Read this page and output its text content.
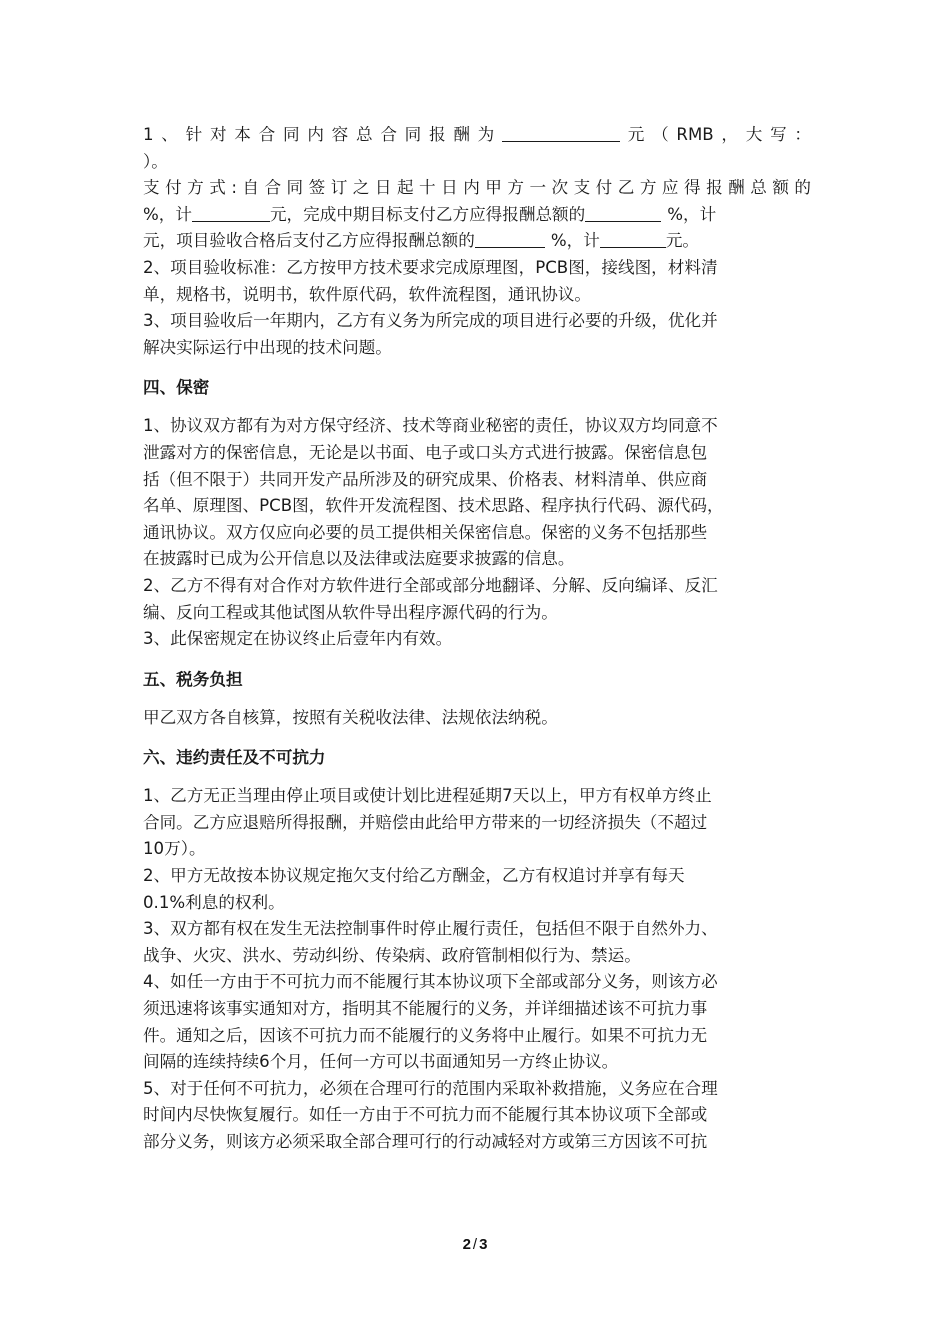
1、针对本合同内容总合同报酬为	元（RMB，大写：
）。
支付方式:自合同签订之日起十日内甲方一次支付乙方应得报酬总额的
%，计	元，完成中期目标支付乙方应得报酬总额的	%，计
元，项目验收合格后支付乙方应得报酬总额的	%，计	元。
2、项目验收标准：乙方按甲方技术要求完成原理图，PCB图，接线图，材料清
单，规格书，说明书，软件原代码，软件流程图，通讯协议。
3、项目验收后一年期内，乙方有义务为所完成的项目进行必要的升级，优化并
解决实际运行中出现的技术问题。
四、保密
1、协议双方都有为对方保守经济、技术等商业秘密的责任，协议双方均同意不
泄露对方的保密信息，无论是以书面、电子或口头方式进行披露。保密信息包
括（但不限于）共同开发产品所涉及的研究成果、价格表、材料清单、供应商
名单、原理图、PCB图，软件开发流程图、技术思路、程序执行代码、源代码，
通讯协议。双方仅应向必要的员工提供相关保密信息。保密的义务不包括那些
在披露时已成为公开信息以及法律或法庭要求披露的信息。
2、乙方不得有对合作对方软件进行全部或部分地翻译、分解、反向编译、反汇
编、反向工程或其他试图从软件导出程序源代码的行为。
3、此保密规定在协议终止后壹年内有效。
五、税务负担
甲乙双方各自核算，按照有关税收法律、法规依法纳税。
六、违约责任及不可抗力
1、乙方无正当理由停止项目或使计划比进程延期7天以上，甲方有权单方终止
合同。乙方应退赔所得报酬，并赔偿由此给甲方带来的一切经济损失（不超过
10万）。
2、甲方无故按本协议规定拖欠支付给乙方酬金，乙方有权追讨并享有每天
0.1%利息的权利。
3、双方都有权在发生无法控制事件时停止履行责任，包括但不限于自然外力、
战争、火灾、洪水、劳动纠纷、传染病、政府管制相似行为、禁运。
4、如任一方由于不可抗力而不能履行其本协议项下全部或部分义务，则该方必
须迅速将该事实通知对方，指明其不能履行的义务，并详细描述该不可抗力事
件。通知之后，因该不可抗力而不能履行的义务将中止履行。如果不可抗力无
间隔的连续持续6个月，任何一方可以书面通知另一方终止协议。
5、对于任何不可抗力，必须在合理可行的范围内采取补救措施，义务应在合理
时间内尽快恢复履行。如任一方由于不可抗力而不能履行其本协议项下全部或
部分义务，则该方必须采取全部合理可行的行动减轻对方或第三方因该不可抗
2 / 3
